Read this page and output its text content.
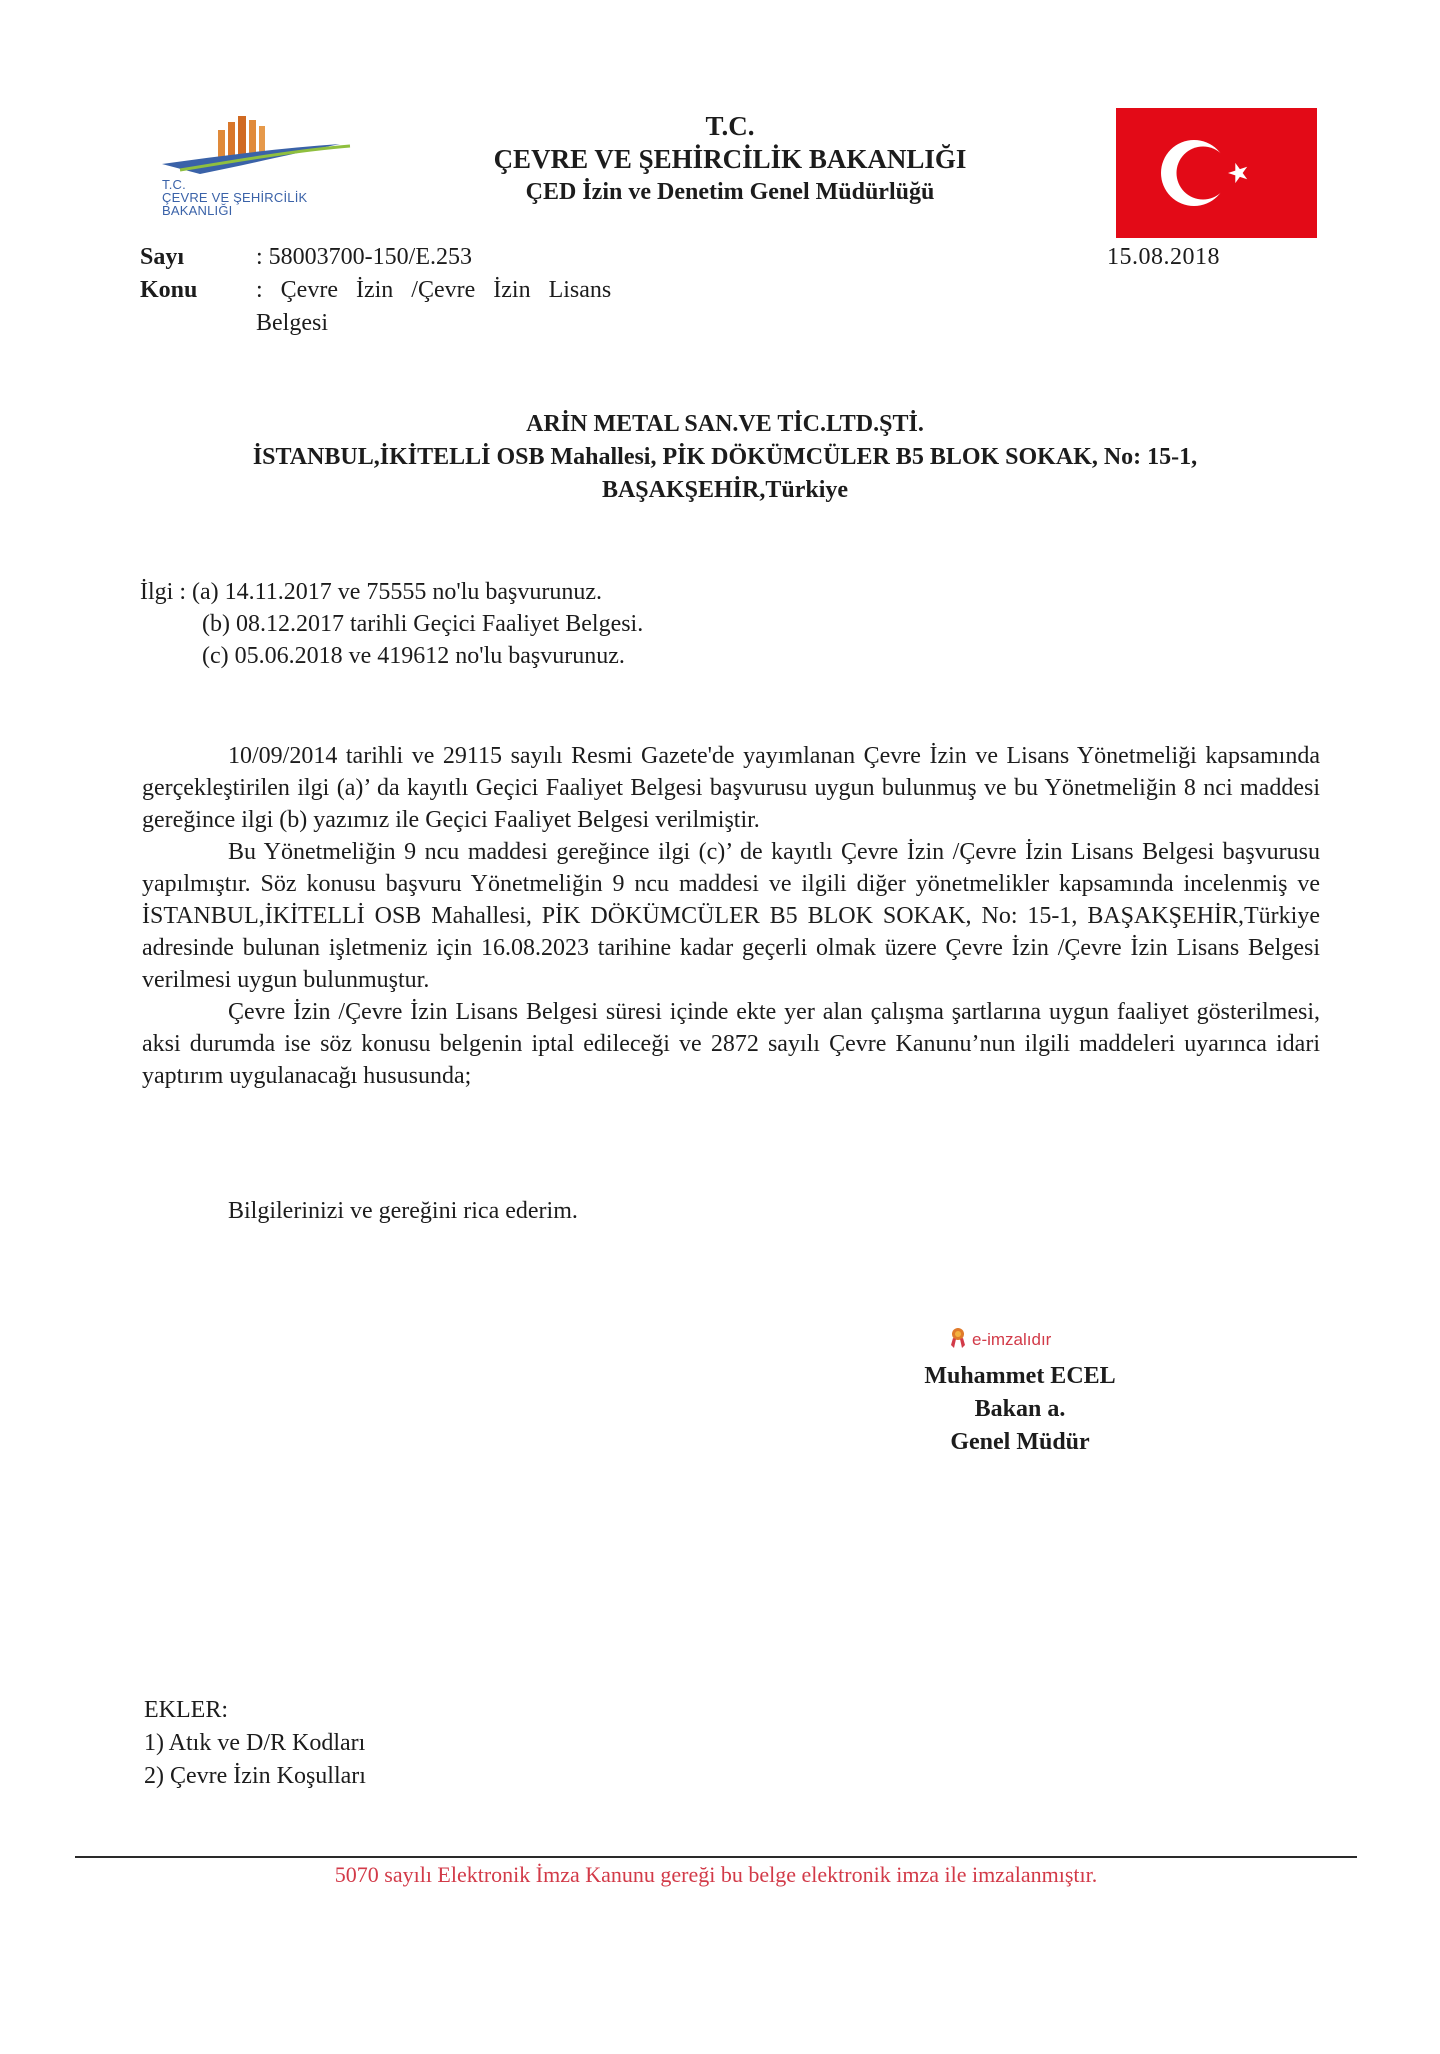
T.C.
ÇEVRE VE ŞEHİRCİLİK
BAKANLIĞI
T.C.
ÇEVRE VE ŞEHİRCİLİK BAKANLIĞI
ÇED İzin ve Denetim Genel Müdürlüğü
15.08.2018
Sayı	: 58003700-150/E.253
Konu : Çevre İzin /Çevre İzin Lisans
Belgesi
ARİN METAL SAN.VE TİC.LTD.ŞTİ.
İSTANBUL,İKİTELLİ OSB Mahallesi, PİK DÖKÜMCÜLER B5 BLOK SOKAK, No: 15-1,
BAŞAKŞEHİR,Türkiye
İlgi : (a) 14.11.2017 ve 75555 no'lu başvurunuz.
(b) 08.12.2017 tarihli Geçici Faaliyet Belgesi.
(c) 05.06.2018 ve 419612 no'lu başvurunuz.

10/09/2014 tarihli ve 29115 sayılı Resmi Gazete'de yayımlanan Çevre İzin ve Lisans Yönetmeliği kapsamında gerçekleştirilen ilgi (a)’ da kayıtlı Geçici Faaliyet Belgesi başvurusu uygun bulunmuş ve bu Yönetmeliğin 8 nci maddesi gereğince ilgi (b) yazımız ile Geçici Faaliyet Belgesi verilmiştir.

Bu Yönetmeliğin 9 ncu maddesi gereğince ilgi (c)’ de kayıtlı Çevre İzin /Çevre İzin Lisans Belgesi başvurusu yapılmıştır. Söz konusu başvuru Yönetmeliğin 9 ncu maddesi ve ilgili diğer yönetmelikler kapsamında incelenmiş ve İSTANBUL,İKİTELLİ OSB Mahallesi, PİK DÖKÜMCÜLER B5 BLOK SOKAK, No: 15-1, BAŞAKŞEHİR,Türkiye adresinde bulunan işletmeniz için 16.08.2023 tarihine kadar geçerli olmak üzere Çevre İzin /Çevre İzin Lisans Belgesi verilmesi uygun bulunmuştur.

Çevre İzin /Çevre İzin Lisans Belgesi süresi içinde ekte yer alan çalışma şartlarına uygun faaliyet gösterilmesi, aksi durumda ise söz konusu belgenin iptal edileceği ve 2872 sayılı Çevre Kanunu’nun ilgili maddeleri uyarınca idari yaptırım uygulanacağı hususunda;

Bilgilerinizi ve gereğini rica ederim.
e-imzalıdır
Muhammet ECEL
Bakan a.
Genel Müdür
EKLER:
1) Atık ve D/R Kodları
2) Çevre İzin Koşulları
5070 sayılı Elektronik İmza Kanunu gereği bu belge elektronik imza ile imzalanmıştır.
